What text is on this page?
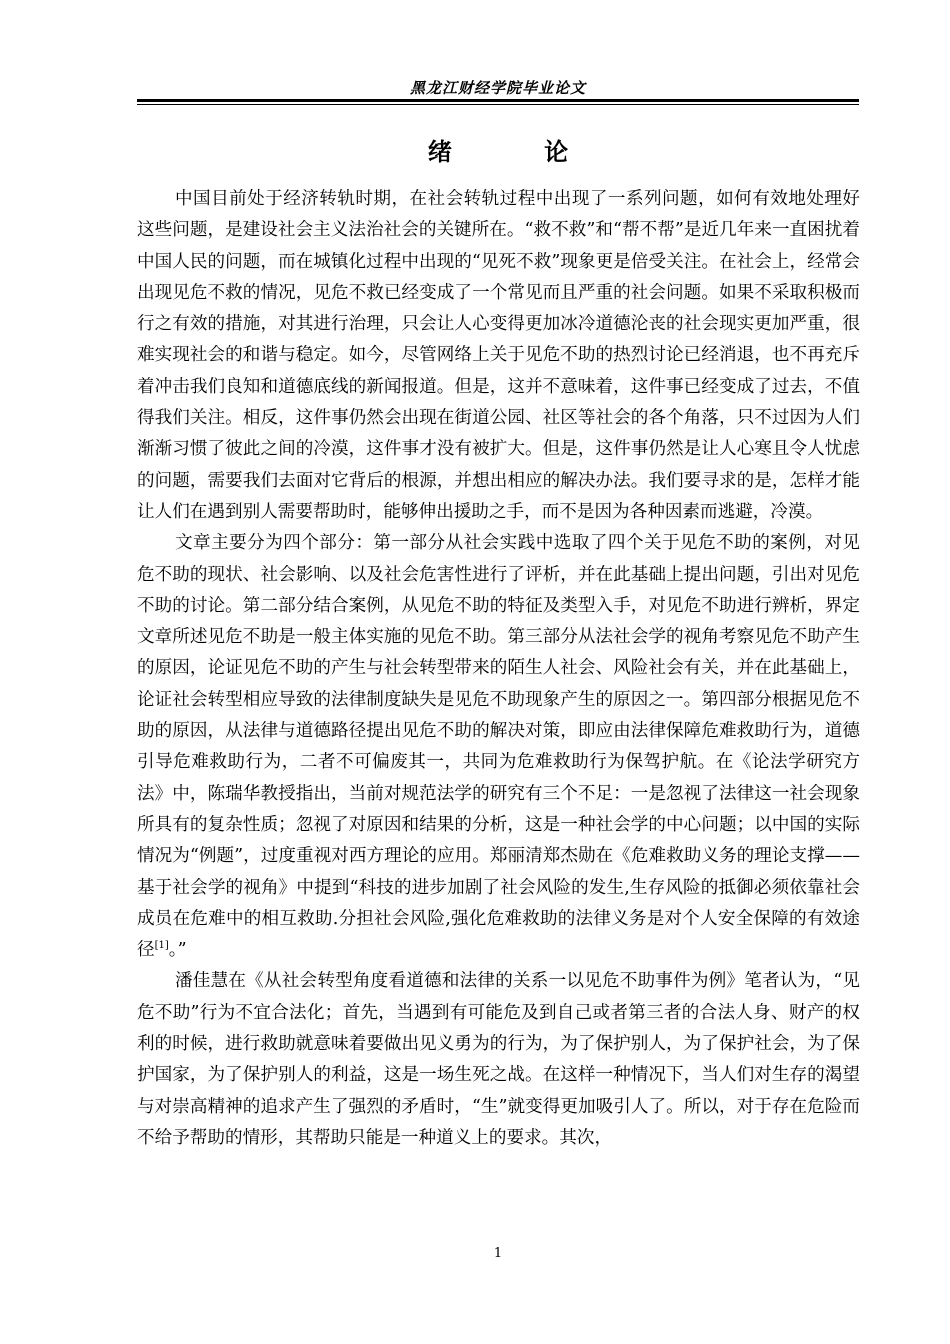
黑龙江财经学院毕业论文
绪 论

中国目前处于经济转轨时期，在社会转轨过程中出现了一系列问题，如何有效地处理好这些问题，是建设社会主义法治社会的关键所在。“救不救”和“帮不帮”是近几年来一直困扰着中国人民的问题，而在城镇化过程中出现的“见死不救”现象更是倍受关注。在社会上，经常会出现见危不救的情况，见危不救已经变成了一个常见而且严重的社会问题。如果不采取积极而行之有效的措施，对其进行治理，只会让人心变得更加冰冷道德沦丧的社会现实更加严重，很难实现社会的和谐与稳定。如今，尽管网络上关于见危不助的热烈讨论已经消退，也不再充斥着冲击我们良知和道德底线的新闻报道。但是，这并不意味着，这件事已经变成了过去，不值得我们关注。相反，这件事仍然会出现在街道公园、社区等社会的各个角落，只不过因为人们渐渐习惯了彼此之间的冷漠，这件事才没有被扩大。但是，这件事仍然是让人心寒且令人忧虑的问题，需要我们去面对它背后的根源，并想出相应的解决办法。我们要寻求的是，怎样才能让人们在遇到别人需要帮助时，能够伸出援助之手，而不是因为各种因素而逃避，冷漠。

文章主要分为四个部分：第一部分从社会实践中选取了四个关于见危不助的案例，对见危不助的现状、社会影响、以及社会危害性进行了评析，并在此基础上提出问题，引出对见危不助的讨论。第二部分结合案例，从见危不助的特征及类型入手，对见危不助进行辨析，界定文章所述见危不助是一般主体实施的见危不助。第三部分从法社会学的视角考察见危不助产生的原因，论证见危不助的产生与社会转型带来的陌生人社会、风险社会有关，并在此基础上，论证社会转型相应导致的法律制度缺失是见危不助现象产生的原因之一。第四部分根据见危不助的原因，从法律与道德路径提出见危不助的解决对策，即应由法律保障危难救助行为，道德引导危难救助行为，二者不可偏废其一，共同为危难救助行为保驾护航。在《论法学研究方法》中，陈瑞华教授指出，当前对规范法学的研究有三个不足：一是忽视了法律这一社会现象所具有的复杂性质；忽视了对原因和结果的分析，这是一种社会学的中心问题；以中国的实际情况为“例题”，过度重视对西方理论的应用。郑丽清郑杰勋在《危难救助义务的理论支撑——基于社会学的视角》中提到“科技的进步加剧了社会风险的发生,生存风险的抵御必须依靠社会成员在危难中的相互救助.分担社会风险,强化危难救助的法律义务是对个人安全保障的有效途径[1]。”

潘佳慧在《从社会转型角度看道德和法律的关系一以见危不助事件为例》笔者认为，“见危不助”行为不宜合法化；首先，当遇到有可能危及到自己或者第三者的合法人身、财产的权利的时候，进行救助就意味着要做出见义勇为的行为，为了保护别人，为了保护社会，为了保护国家，为了保护别人的利益，这是一场生死之战。在这样一种情况下，当人们对生存的渴望与对崇高精神的追求产生了强烈的矛盾时，“生”就变得更加吸引人了。所以，对于存在危险而不给予帮助的情形，其帮助只能是一种道义上的要求。其次，

1
